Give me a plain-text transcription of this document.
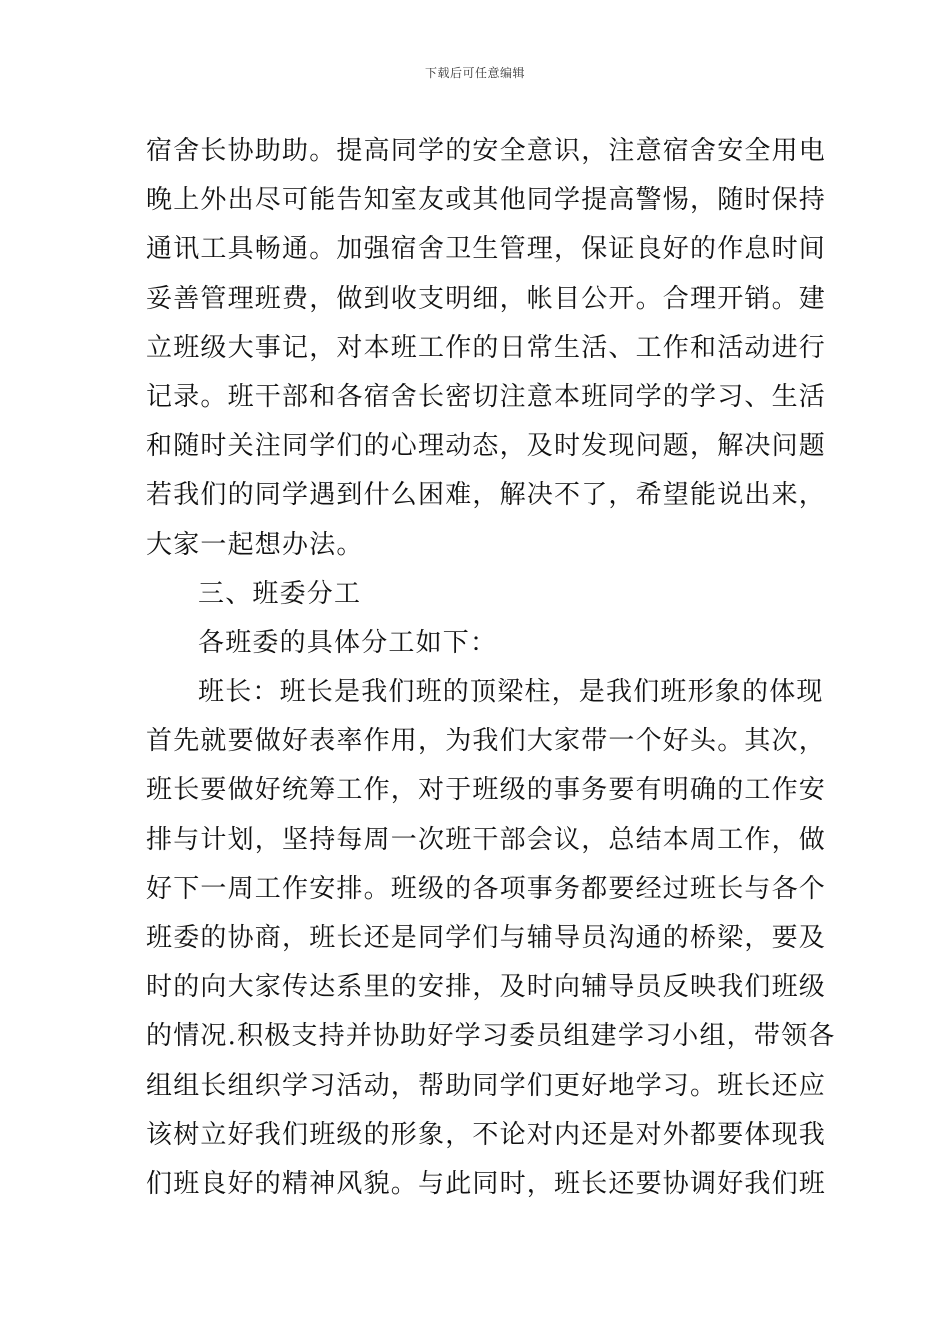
下载后可任意编辑
宿舍长协助助。提高同学的安全意识，注意宿舍安全用电
晚上外出尽可能告知室友或其他同学提高警惕，随时保持
通讯工具畅通。加强宿舍卫生管理，保证良好的作息时间
妥善管理班费，做到收支明细，帐目公开。合理开销。建
立班级大事记，对本班工作的日常生活、工作和活动进行
记录。班干部和各宿舍长密切注意本班同学的学习、生活
和随时关注同学们的心理动态，及时发现问题，解决问题
若我们的同学遇到什么困难，解决不了，希望能说出来，
大家一起想办法。
三、班委分工
各班委的具体分工如下：
班长：班长是我们班的顶梁柱，是我们班形象的体现
首先就要做好表率作用，为我们大家带一个好头。其次，
班长要做好统筹工作，对于班级的事务要有明确的工作安
排与计划，坚持每周一次班干部会议，总结本周工作，做
好下一周工作安排。班级的各项事务都要经过班长与各个
班委的协商，班长还是同学们与辅导员沟通的桥梁，要及
时的向大家传达系里的安排，及时向辅导员反映我们班级
的情况.积极支持并协助好学习委员组建学习小组，带领各
组组长组织学习活动，帮助同学们更好地学习。班长还应
该树立好我们班级的形象，不论对内还是对外都要体现我
们班良好的精神风貌。与此同时，班长还要协调好我们班
